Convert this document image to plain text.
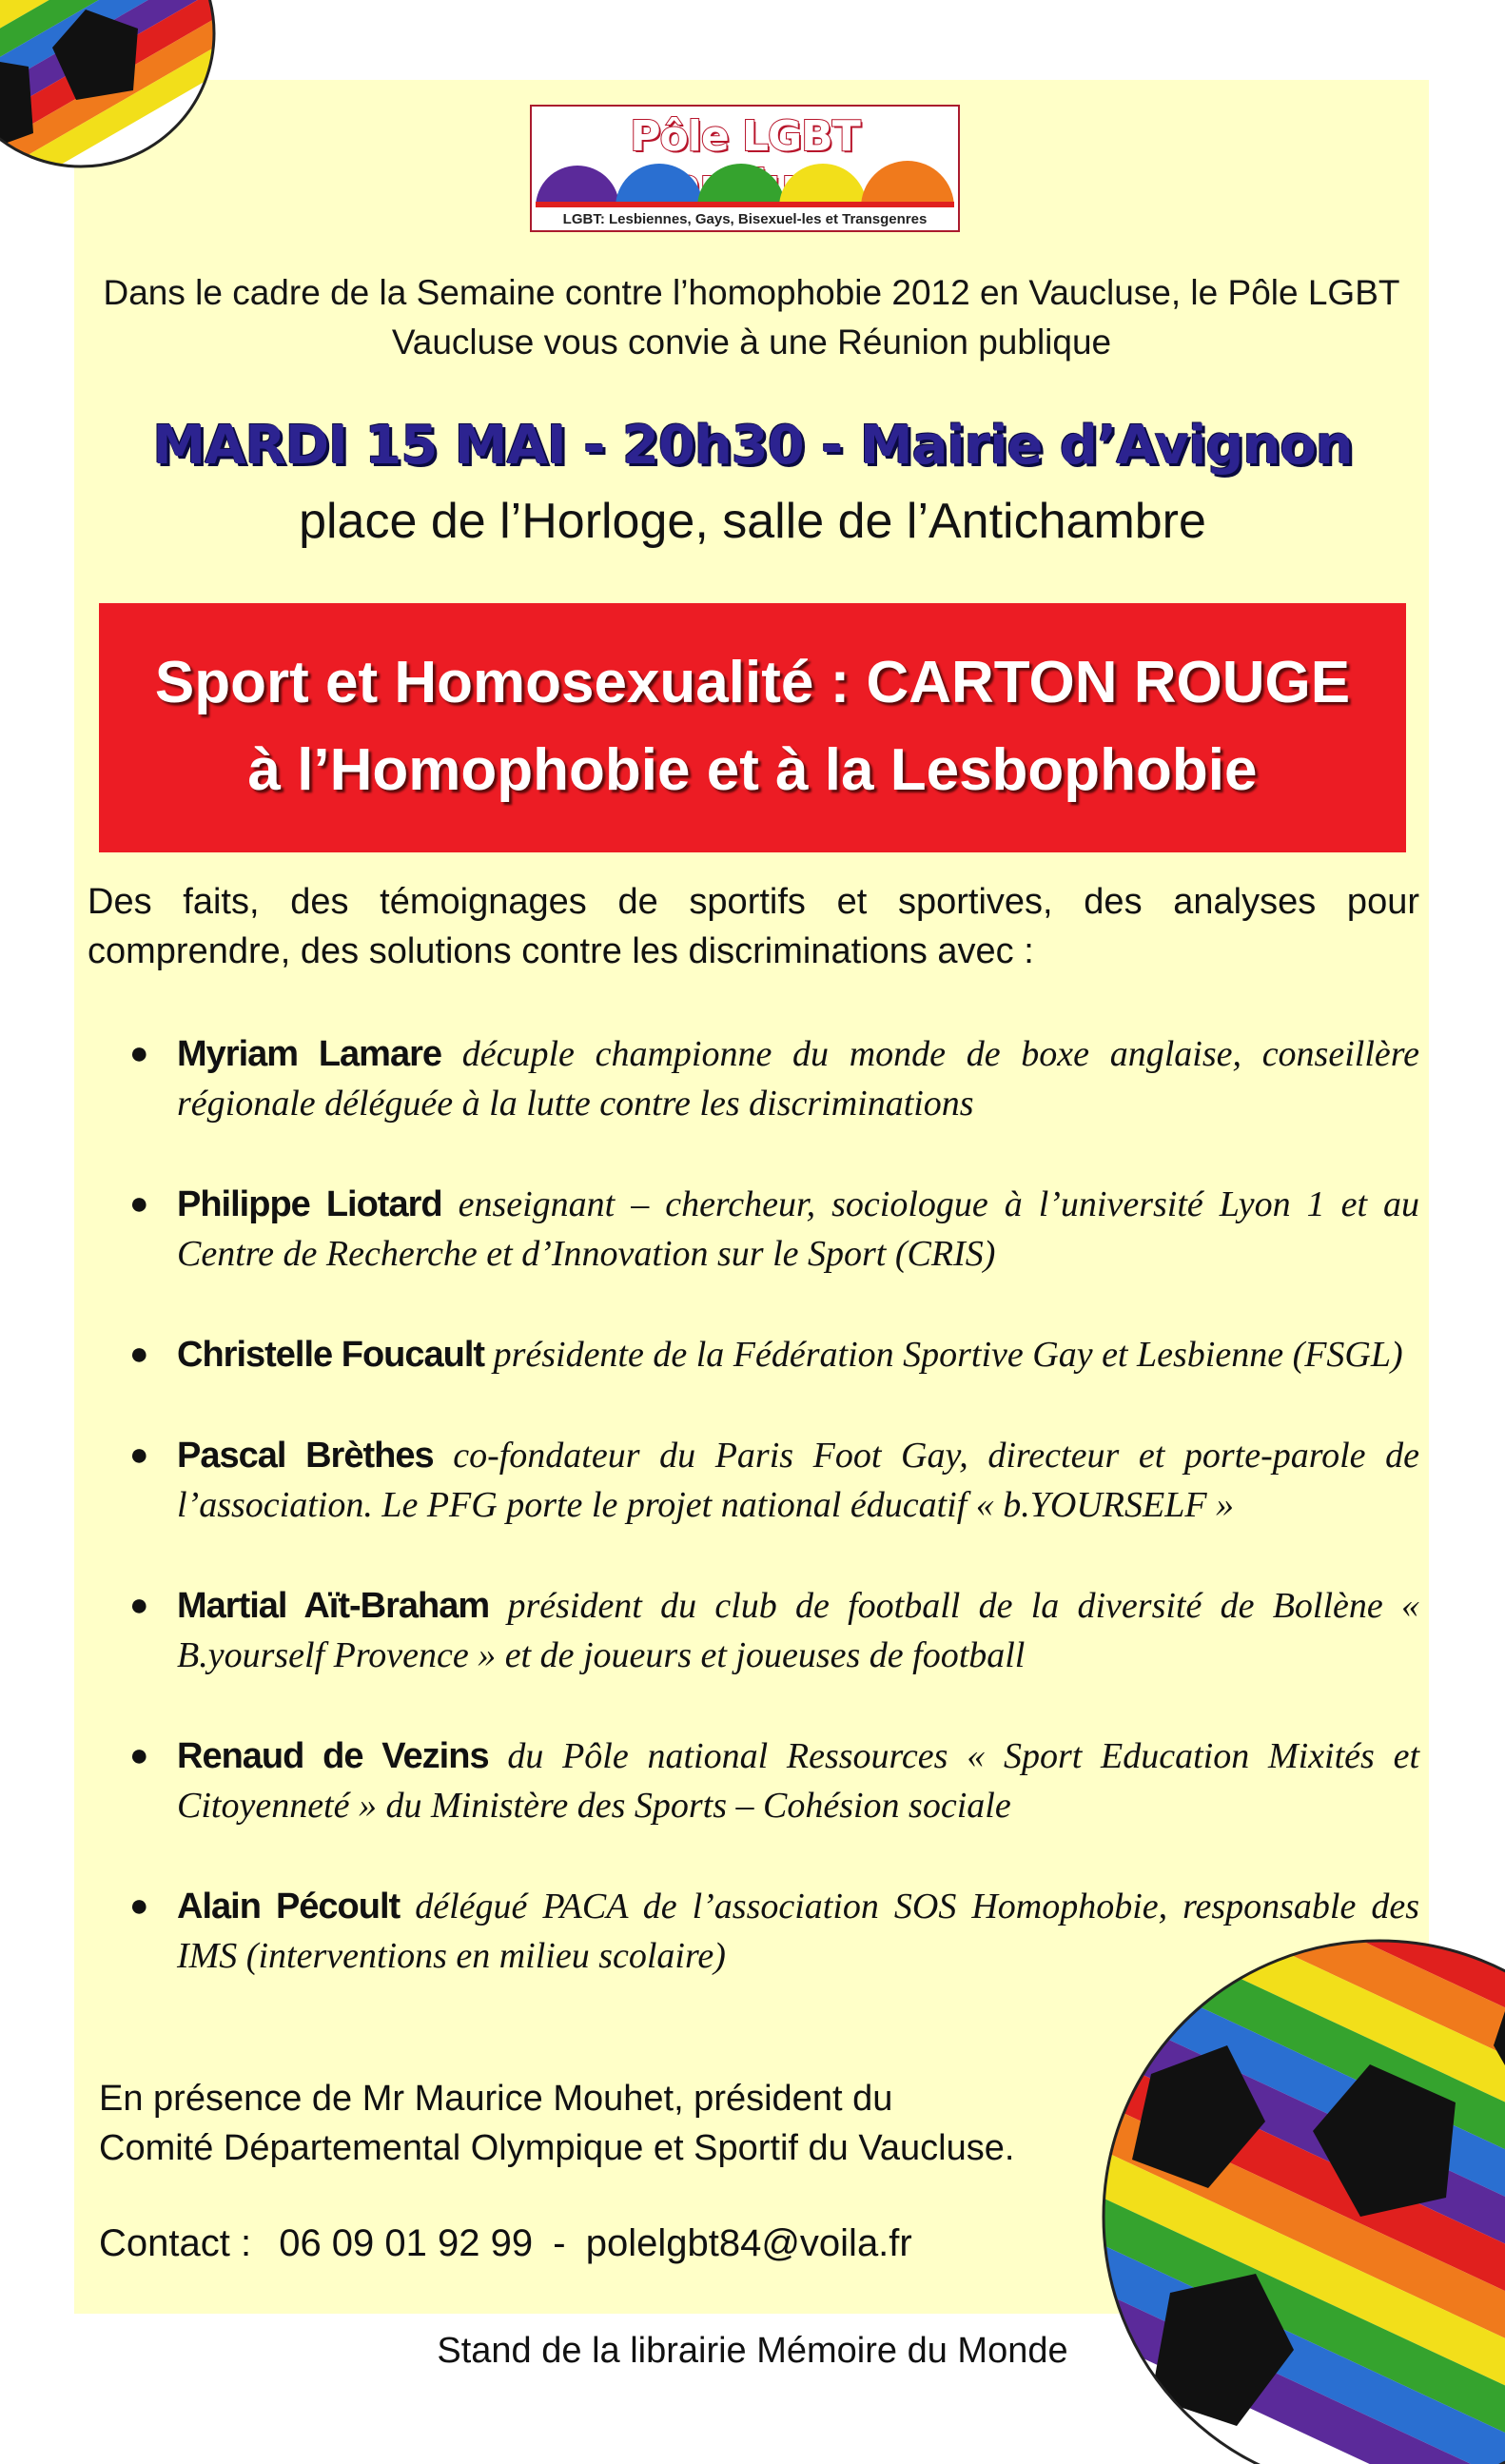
Pôle LGBT
LGBT: Lesbiennes, Gays, Bisexuel-les et Transgenres
Dans le cadre de la Semaine contre l’homophobie 2012 en Vaucluse, le Pôle LGBT Vaucluse vous convie à une Réunion publique
MARDI 15 MAI - 20h30 - Mairie d’Avignon
place de l’Horloge, salle de l’Antichambre
Sport et Homosexualité : CARTON ROUGE
à l’Homophobie et à la Lesbophobie
Des faits, des témoignages de sportifs et sportives, des analyses pour comprendre, des solutions contre les discriminations avec :
● Myriam Lamare décuple championne du monde de boxe anglaise, conseillère régionale déléguée à la lutte contre les discriminations
● Philippe Liotard enseignant – chercheur, sociologue à l’université Lyon 1 et au Centre de Recherche et d’Innovation sur le Sport (CRIS)
● Christelle Foucault présidente de la Fédération Sportive Gay et Lesbienne (FSGL)
● Pascal Brèthes co-fondateur du Paris Foot Gay, directeur et porte-parole de l’association. Le PFG porte le projet national éducatif « b.YOURSELF »
● Martial Aït-Braham président du club de football de la diversité de Bollène « B.yourself Provence » et de joueurs et joueuses de football
● Renaud de Vezins du Pôle national Ressources « Sport Education Mixités et Citoyenneté » du Ministère des Sports – Cohésion sociale
● Alain Pécoult délégué PACA de l’association SOS Homophobie, responsable des IMS (interventions en milieu scolaire)
En présence de Mr Maurice Mouhet, président du
Comité Départemental Olympique et Sportif du Vaucluse.
Contact : 06 09 01 92 99 - polelgbt84@voila.fr
Stand de la librairie Mémoire du Monde
